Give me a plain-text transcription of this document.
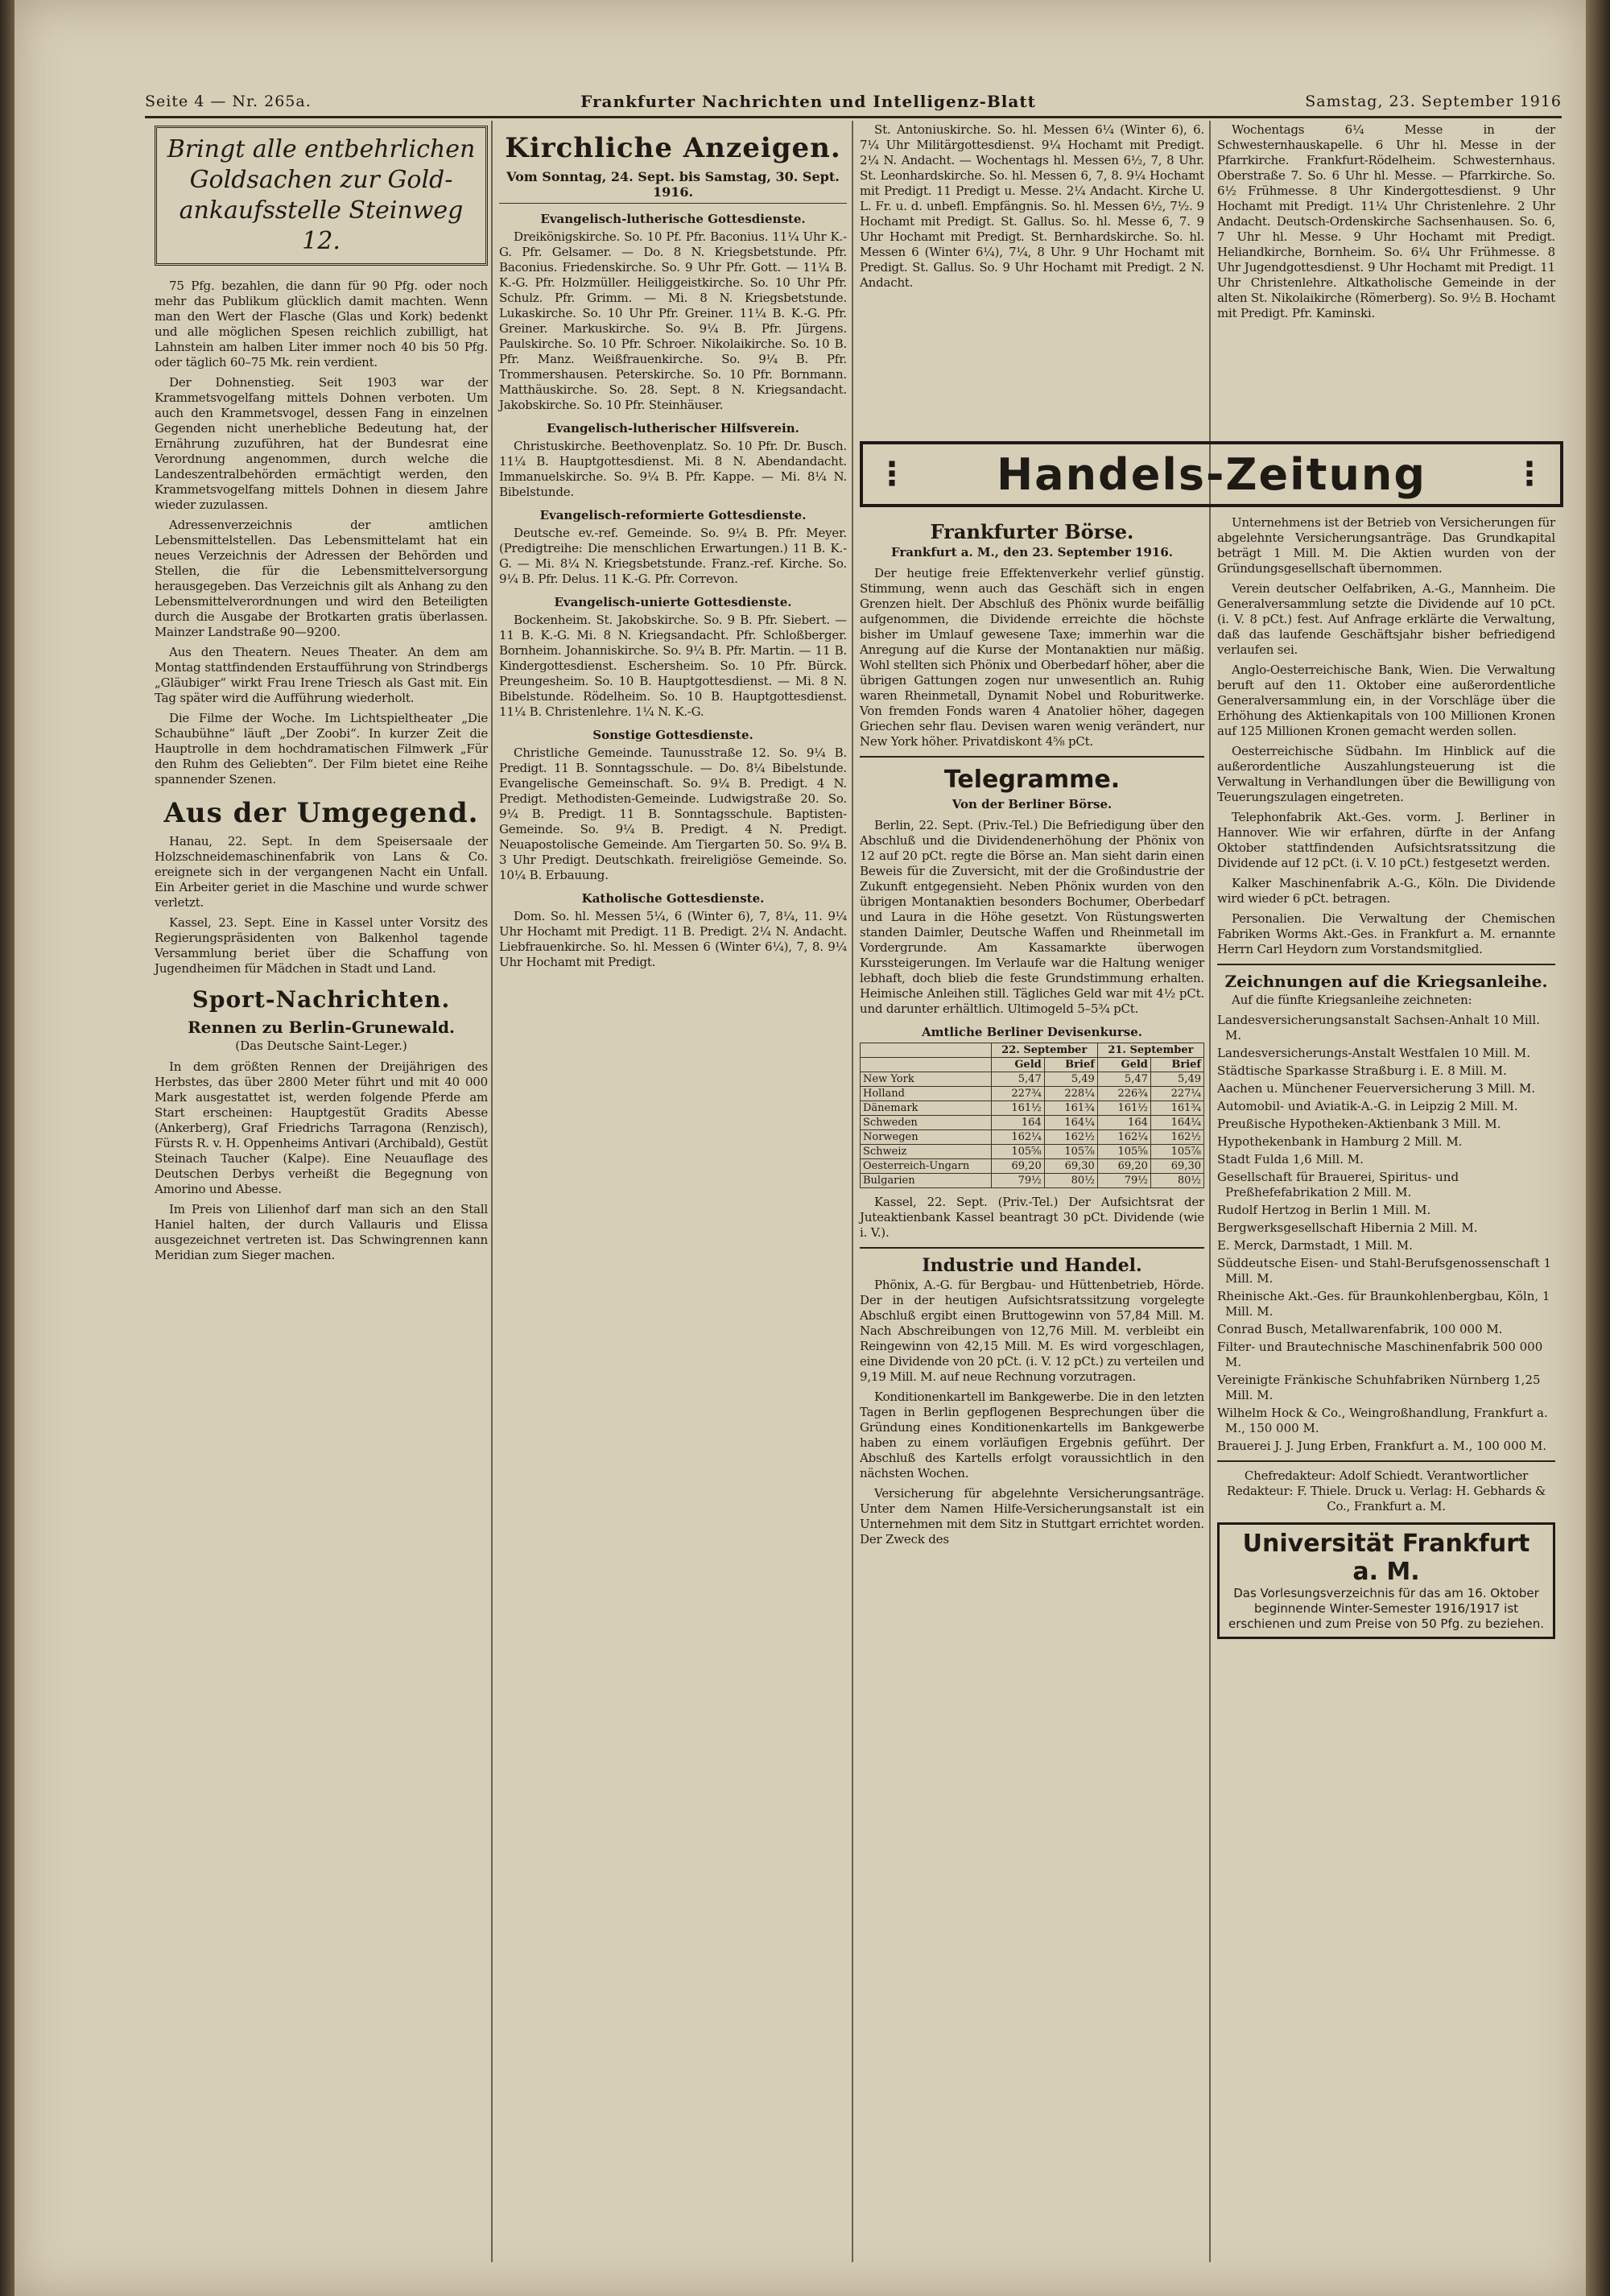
Seite 4 — Nr. 265a.	Frankfurter Nachrichten und Intelligenz-Blatt	Samstag, 23. September 1916
Bringt alle entbehrlichen
Goldsachen zur Gold-
ankaufsstelle Steinweg 12.

75 Pfg. bezahlen, die dann für 90 Pfg. oder noch mehr das Publikum glücklich damit machten. Wenn man den Wert der Flasche (Glas und Kork) bedenkt und alle möglichen Spesen reichlich zubilligt, hat Lahnstein am halben Liter immer noch 40 bis 50 Pfg. oder täglich 60–75 Mk. rein verdient.

Der Dohnenstieg. Seit 1903 war der Krammetsvogelfang mittels Dohnen verboten. Um auch den Krammetsvogel, dessen Fang in einzelnen Gegenden nicht unerhebliche Bedeutung hat, der Ernährung zuzuführen, hat der Bundesrat eine Verordnung angenommen, durch welche die Landeszentralbehörden ermächtigt werden, den Krammetsvogelfang mittels Dohnen in diesem Jahre wieder zuzulassen.

Adressenverzeichnis der amtlichen Lebensmittelstellen. Das Lebensmittelamt hat ein neues Verzeichnis der Adressen der Behörden und Stellen, die für die Lebensmittelversorgung herausgegeben. Das Verzeichnis gilt als Anhang zu den Lebensmittelverordnungen und wird den Beteiligten durch die Ausgabe der Brotkarten gratis überlassen. Mainzer Landstraße 90—9200.

Aus den Theatern. Neues Theater. An dem am Montag stattfindenden Erstaufführung von Strindbergs „Gläubiger“ wirkt Frau Irene Triesch als Gast mit. Ein Tag später wird die Aufführung wiederholt.

Die Filme der Woche. Im Lichtspieltheater „Die Schaubühne“ läuft „Der Zoobi“. In kurzer Zeit die Hauptrolle in dem hochdramatischen Filmwerk „Für den Ruhm des Geliebten“. Der Film bietet eine Reihe spannender Szenen.

Aus der Umgegend.

Hanau, 22. Sept. In dem Speisersaale der Holzschneidemaschinenfabrik von Lans & Co. ereignete sich in der vergangenen Nacht ein Unfall. Ein Arbeiter geriet in die Maschine und wurde schwer verletzt.

Kassel, 23. Sept. Eine in Kassel unter Vorsitz des Regierungspräsidenten von Balkenhol tagende Versammlung beriet über die Schaffung von Jugendheimen für Mädchen in Stadt und Land.

Sport-Nachrichten.
Rennen zu Berlin-Grunewald.
(Das Deutsche Saint-Leger.)

In dem größten Rennen der Dreijährigen des Herbstes, das über 2800 Meter führt und mit 40 000 Mark ausgestattet ist, werden folgende Pferde am Start erscheinen: Hauptgestüt Gradits Abesse (Ankerberg), Graf Friedrichs Tarragona (Renzisch), Fürsts R. v. H. Oppenheims Antivari (Archibald), Gestüt Steinach Taucher (Kalpe). Eine Neuauflage des Deutschen Derbys verheißt die Begegnung von Amorino und Abesse.

Im Preis von Lilienhof darf man sich an den Stall Haniel halten, der durch Vallauris und Elissa ausgezeichnet vertreten ist. Das Schwingrennen kann Meridian zum Sieger machen.

Kirchliche Anzeigen.
Vom Sonntag, 24. Sept. bis Samstag, 30. Sept. 1916.
Evangelisch-lutherische Gottesdienste.

Dreikönigskirche. So. 10 Pf. Pfr. Baconius. 11¼ Uhr K.-G. Pfr. Gelsamer. — Do. 8 N. Kriegsbetstunde. Pfr. Baconius. Friedenskirche. So. 9 Uhr Pfr. Gott. — 11¼ B. K.-G. Pfr. Holzmüller. Heiliggeistkirche. So. 10 Uhr Pfr. Schulz. Pfr. Grimm. — Mi. 8 N. Kriegsbetstunde. Lukaskirche. So. 10 Uhr Pfr. Greiner. 11¼ B. K.-G. Pfr. Greiner. Markuskirche. So. 9¼ B. Pfr. Jürgens. Paulskirche. So. 10 Pfr. Schroer. Nikolaikirche. So. 10 B. Pfr. Manz. Weißfrauenkirche. So. 9¼ B. Pfr. Trommershausen. Peterskirche. So. 10 Pfr. Bornmann. Matthäuskirche. So. 28. Sept. 8 N. Kriegsandacht. Jakobskirche. So. 10 Pfr. Steinhäuser.

Evangelisch-lutherischer Hilfsverein.

Christuskirche. Beethovenplatz. So. 10 Pfr. Dr. Busch. 11¼ B. Hauptgottesdienst. Mi. 8 N. Abendandacht. Immanuelskirche. So. 9¼ B. Pfr. Kappe. — Mi. 8¼ N. Bibelstunde.

Evangelisch-reformierte Gottesdienste.

Deutsche ev.-ref. Gemeinde. So. 9¼ B. Pfr. Meyer. (Predigtreihe: Die menschlichen Erwartungen.) 11 B. K.-G. — Mi. 8¼ N. Kriegsbetstunde. Franz.-ref. Kirche. So. 9¼ B. Pfr. Delus. 11 K.-G. Pfr. Correvon.

Evangelisch-unierte Gottesdienste.

Bockenheim. St. Jakobskirche. So. 9 B. Pfr. Siebert. — 11 B. K.-G. Mi. 8 N. Kriegsandacht. Pfr. Schloßberger. Bornheim. Johanniskirche. So. 9¼ B. Pfr. Martin. — 11 B. Kindergottesdienst. Eschersheim. So. 10 Pfr. Bürck. Preungesheim. So. 10 B. Hauptgottesdienst. — Mi. 8 N. Bibelstunde. Rödelheim. So. 10 B. Hauptgottesdienst. 11¼ B. Christenlehre. 1¼ N. K.-G.

Sonstige Gottesdienste.

Christliche Gemeinde. Taunusstraße 12. So. 9¼ B. Predigt. 11 B. Sonntagsschule. — Do. 8¼ Bibelstunde. Evangelische Gemeinschaft. So. 9¼ B. Predigt. 4 N. Predigt. Methodisten-Gemeinde. Ludwigstraße 20. So. 9¼ B. Predigt. 11 B. Sonntagsschule. Baptisten-Gemeinde. So. 9¼ B. Predigt. 4 N. Predigt. Neuapostolische Gemeinde. Am Tiergarten 50. So. 9¼ B. 3 Uhr Predigt. Deutschkath. freireligiöse Gemeinde. So. 10¼ B. Erbauung.

Katholische Gottesdienste.

Dom. So. hl. Messen 5¼, 6 (Winter 6), 7, 8¼, 11. 9¼ Uhr Hochamt mit Predigt. 11 B. Predigt. 2¼ N. Andacht. Liebfrauenkirche. So. hl. Messen 6 (Winter 6¼), 7, 8. 9¼ Uhr Hochamt mit Predigt.

St. Antoniuskirche. So. hl. Messen 6¼ (Winter 6), 6. 7¼ Uhr Militärgottesdienst. 9¼ Hochamt mit Predigt. 2¼ N. Andacht. — Wochentags hl. Messen 6½, 7, 8 Uhr. St. Leonhardskirche. So. hl. Messen 6, 7, 8. 9¼ Hochamt mit Predigt. 11 Predigt u. Messe. 2¼ Andacht. Kirche U. L. Fr. u. d. unbefl. Empfängnis. So. hl. Messen 6½, 7½. 9 Hochamt mit Predigt. St. Gallus. So. hl. Messe 6, 7. 9 Uhr Hochamt mit Predigt. St. Bernhardskirche. So. hl. Messen 6 (Winter 6¼), 7¼, 8 Uhr. 9 Uhr Hochamt mit Predigt. St. Gallus. So. 9 Uhr Hochamt mit Predigt. 2 N. Andacht.

Wochentags 6¼ Messe in der Schwesternhauskapelle. 6 Uhr hl. Messe in der Pfarrkirche. Frankfurt-Rödelheim. Schwesternhaus. Oberstraße 7. So. 6 Uhr hl. Messe. — Pfarrkirche. So. 6½ Frühmesse. 8 Uhr Kindergottesdienst. 9 Uhr Hochamt mit Predigt. 11¼ Uhr Christenlehre. 2 Uhr Andacht. Deutsch-Ordenskirche Sachsenhausen. So. 6, 7 Uhr hl. Messe. 9 Uhr Hochamt mit Predigt. Heliandkirche, Bornheim. So. 6¼ Uhr Frühmesse. 8 Uhr Jugendgottesdienst. 9 Uhr Hochamt mit Predigt. 11 Uhr Christenlehre. Altkatholische Gemeinde in der alten St. Nikolaikirche (Römerberg). So. 9½ B. Hochamt mit Predigt. Pfr. Kaminski.

⋮ Handels-Zeitung	⋮
Frankfurter Börse.
Frankfurt a. M., den 23. September 1916.

Der heutige freie Effektenverkehr verlief günstig. Stimmung, wenn auch das Geschäft sich in engen Grenzen hielt. Der Abschluß des Phönix wurde beifällig aufgenommen, die Dividende erreichte die höchste bisher im Umlauf gewesene Taxe; immerhin war die Anregung auf die Kurse der Montanaktien nur mäßig. Wohl stellten sich Phönix und Oberbedarf höher, aber die übrigen Gattungen zogen nur unwesentlich an. Ruhig waren Rheinmetall, Dynamit Nobel und Roburitwerke. Von fremden Fonds waren 4 Anatolier höher, dagegen Griechen sehr flau. Devisen waren wenig verändert, nur New York höher. Privatdiskont 4⅝ pCt.

Telegramme.
Von der Berliner Börse.

Berlin, 22. Sept. (Priv.-Tel.) Die Befriedigung über den Abschluß und die Dividendenerhöhung der Phönix von 12 auf 20 pCt. regte die Börse an. Man sieht darin einen Beweis für die Zuversicht, mit der die Großindustrie der Zukunft entgegensieht. Neben Phönix wurden von den übrigen Montanaktien besonders Bochumer, Oberbedarf und Laura in die Höhe gesetzt. Von Rüstungswerten standen Daimler, Deutsche Waffen und Rheinmetall im Vordergrunde. Am Kassamarkte überwogen Kurssteigerungen. Im Verlaufe war die Haltung weniger lebhaft, doch blieb die feste Grundstimmung erhalten. Heimische Anleihen still. Tägliches Geld war mit 4½ pCt. und darunter erhältlich. Ultimogeld 5–5¾ pCt.

Amtliche Berliner Devisenkurse.
	22. September		21. September	
	Geld	Brief	Geld	Brief
New York	5,47	5,49	5,47	5,49
Holland	227¾	228¼	226¾	227¼
Dänemark	161½	161¾	161½	161¾
Schweden	164	164¼	164	164¼
Norwegen	162¼	162½	162¼	162½
Schweiz	105⅝	105⅞	105⅝	105⅞
Oesterreich-Ungarn	69,20	69,30	69,20	69,30
Bulgarien	79½	80½	79½	80½

Kassel, 22. Sept. (Priv.-Tel.) Der Aufsichtsrat der Juteaktienbank Kassel beantragt 30 pCt. Dividende (wie i. V.).

Industrie und Handel.

Phönix, A.-G. für Bergbau- und Hüttenbetrieb, Hörde. Der in der heutigen Aufsichtsratssitzung vorgelegte Abschluß ergibt einen Bruttogewinn von 57,84 Mill. M. Nach Abschreibungen von 12,76 Mill. M. verbleibt ein Reingewinn von 42,15 Mill. M. Es wird vorgeschlagen, eine Dividende von 20 pCt. (i. V. 12 pCt.) zu verteilen und 9,19 Mill. M. auf neue Rechnung vorzutragen.

Konditionenkartell im Bankgewerbe. Die in den letzten Tagen in Berlin gepflogenen Besprechungen über die Gründung eines Konditionenkartells im Bankgewerbe haben zu einem vorläufigen Ergebnis geführt. Der Abschluß des Kartells erfolgt voraussichtlich in den nächsten Wochen.

Versicherung für abgelehnte Versicherungsanträge. Unter dem Namen Hilfe-Versicherungsanstalt ist ein Unternehmen mit dem Sitz in Stuttgart errichtet worden. Der Zweck des

Unternehmens ist der Betrieb von Versicherungen für abgelehnte Versicherungsanträge. Das Grundkapital beträgt 1 Mill. M. Die Aktien wurden von der Gründungsgesellschaft übernommen.

Verein deutscher Oelfabriken, A.-G., Mannheim. Die Generalversammlung setzte die Dividende auf 10 pCt. (i. V. 8 pCt.) fest. Auf Anfrage erklärte die Verwaltung, daß das laufende Geschäftsjahr bisher befriedigend verlaufen sei.

Anglo-Oesterreichische Bank, Wien. Die Verwaltung beruft auf den 11. Oktober eine außerordentliche Generalversammlung ein, in der Vorschläge über die Erhöhung des Aktienkapitals von 100 Millionen Kronen auf 125 Millionen Kronen gemacht werden sollen.

Oesterreichische Südbahn. Im Hinblick auf die außerordentliche Auszahlungsteuerung ist die Verwaltung in Verhandlungen über die Bewilligung von Teuerungszulagen eingetreten.

Telephonfabrik Akt.-Ges. vorm. J. Berliner in Hannover. Wie wir erfahren, dürfte in der Anfang Oktober stattfindenden Aufsichtsratssitzung die Dividende auf 12 pCt. (i. V. 10 pCt.) festgesetzt werden.

Kalker Maschinenfabrik A.-G., Köln. Die Dividende wird wieder 6 pCt. betragen.

Personalien. Die Verwaltung der Chemischen Fabriken Worms Akt.-Ges. in Frankfurt a. M. ernannte Herrn Carl Heydorn zum Vorstandsmitglied.

Zeichnungen auf die Kriegsanleihe.

Auf die fünfte Kriegsanleihe zeichneten:

Landesversicherungsanstalt Sachsen-Anhalt 10 Mill. M.
Landesversicherungs-Anstalt Westfalen 10 Mill. M.
Städtische Sparkasse Straßburg i. E. 8 Mill. M.
Aachen u. Münchener Feuerversicherung 3 Mill. M.
Automobil- und Aviatik-A.-G. in Leipzig 2 Mill. M.
Preußische Hypotheken-Aktienbank 3 Mill. M.
Hypothekenbank in Hamburg 2 Mill. M.
Stadt Fulda 1,6 Mill. M.
Gesellschaft für Brauerei, Spiritus- und Preßhefefabrikation 2 Mill. M.
Rudolf Hertzog in Berlin 1 Mill. M.
Bergwerksgesellschaft Hibernia 2 Mill. M.
E. Merck, Darmstadt, 1 Mill. M.
Süddeutsche Eisen- und Stahl-Berufsgenossenschaft 1 Mill. M.
Rheinische Akt.-Ges. für Braunkohlenbergbau, Köln, 1 Mill. M.
Conrad Busch, Metallwarenfabrik, 100 000 M.
Filter- und Brautechnische Maschinenfabrik 500 000 M.
Vereinigte Fränkische Schuhfabriken Nürnberg 1,25 Mill. M.
Wilhelm Hock & Co., Weingroßhandlung, Frankfurt a. M., 150 000 M.
Brauerei J. J. Jung Erben, Frankfurt a. M., 100 000 M.

Chefredakteur: Adolf Schiedt. Verantwortlicher Redakteur: F. Thiele. Druck u. Verlag: H. Gebhards & Co., Frankfurt a. M.

Universität Frankfurt a. M.
Das Vorlesungsverzeichnis für das am 16. Oktober beginnende Winter-Semester 1916/1917 ist erschienen und zum Preise von 50 Pfg. zu beziehen.
